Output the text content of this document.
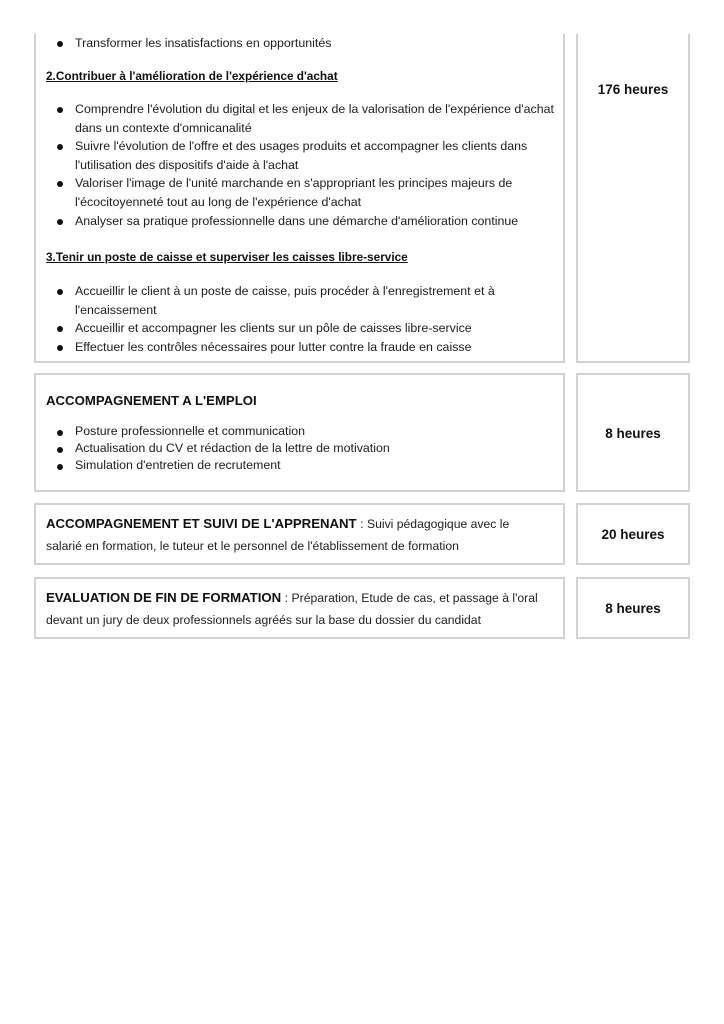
Transformer les insatisfactions en opportunités

2.Contribuer à l'amélioration de l'expérience d'achat

Comprendre l'évolution du digital et les enjeux de la valorisation de l'expérience d'achat dans un contexte d'omnicanalité
Suivre l'évolution de l'offre et des usages produits et accompagner les clients dans l'utilisation des dispositifs d'aide à l'achat
Valoriser l'image de l'unité marchande en s'appropriant les principes majeurs de l'écocitoyenneté tout au long de l'expérience d'achat
Analyser sa pratique professionnelle dans une démarche d'amélioration continue

3.Tenir un poste de caisse et superviser les caisses libre-service

Accueillir le client à un poste de caisse, puis procéder à l'enregistrement et à l'encaissement
Accueillir et accompagner les clients sur un pôle de caisses libre-service
Effectuer les contrôles nécessaires pour lutter contre la fraude en caisse
176 heures
ACCOMPAGNEMENT A L'EMPLOI
Posture professionnelle et communication
Actualisation du CV et rédaction de la lettre de motivation
Simulation d'entretien de recrutement
8 heures

ACCOMPAGNEMENT ET SUIVI DE L'APPRENANT : Suivi pédagogique avec le salarié en formation, le tuteur et le personnel de l'établissement de formation

20 heures

EVALUATION DE FIN DE FORMATION : Préparation, Etude de cas, et passage à l'oral devant un jury de deux professionnels agréés sur la base du dossier du candidat

8 heures
